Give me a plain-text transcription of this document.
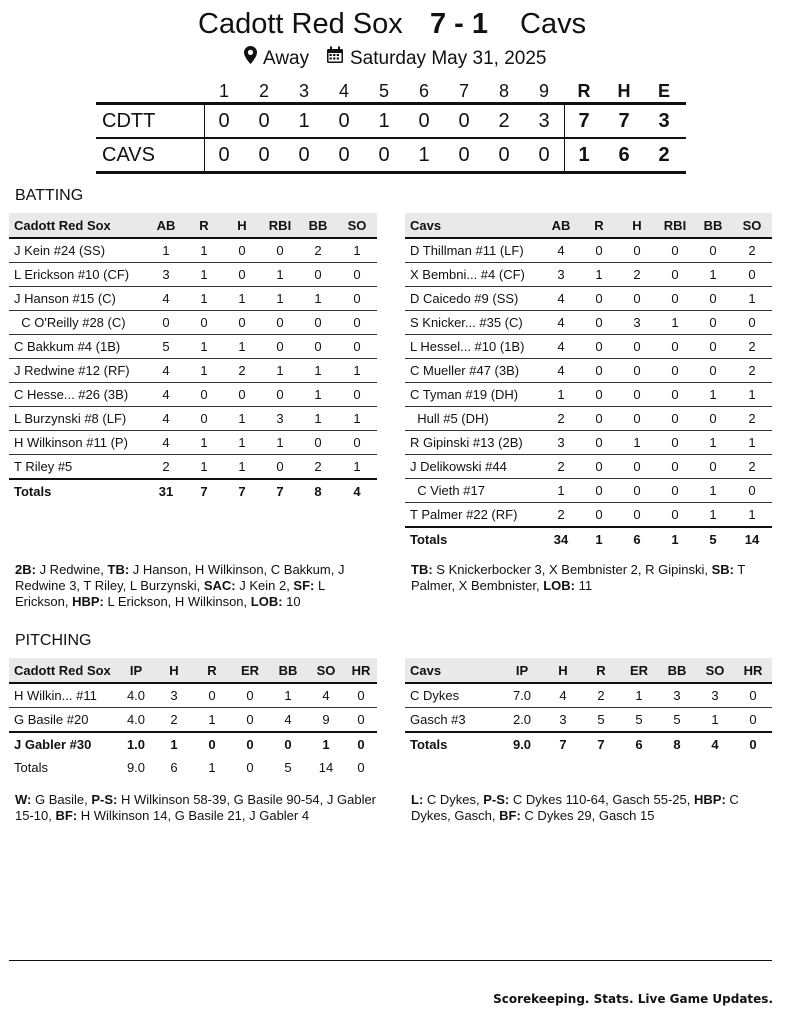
Cadott Red Sox 7 - 1 Cavs
Away Saturday May 31, 2025
1	2	3	4	5	6	7	8	9	R	H	E
CDTT	0	0	1	0	1	0	0	2	3	7	7	3
CAVS	0	0	0	0	0	1	0	0	0	1	6	2
BATTING
Cadott Red Sox	AB	R	H	RBI	BB	SO
J Kein #24 (SS)	1	1	0	0	2	1
L Erickson #10 (CF)	3	1	0	1	0	0
J Hanson #15 (C)	4	1	1	1	1	0
C O'Reilly #28 (C)	0	0	0	0	0	0
C Bakkum #4 (1B)	5	1	1	0	0	0
J Redwine #12 (RF)	4	1	2	1	1	1
C Hesse... #26 (3B)	4	0	0	0	1	0
L Burzynski #8 (LF)	4	0	1	3	1	1
H Wilkinson #11 (P)	4	1	1	1	0	0
T Riley #5	2	1	1	0	2	1
Totals	31	7	7	7	8	4
Cavs	AB	R	H	RBI	BB	SO
D Thillman #11 (LF)	4	0	0	0	0	2
X Bembni... #4 (CF)	3	1	2	0	1	0
D Caicedo #9 (SS)	4	0	0	0	0	1
S Knicker... #35 (C)	4	0	3	1	0	0
L Hessel... #10 (1B)	4	0	0	0	0	2
C Mueller #47 (3B)	4	0	0	0	0	2
C Tyman #19 (DH)	1	0	0	0	1	1
Hull #5 (DH)	2	0	0	0	0	2
R Gipinski #13 (2B)	3	0	1	0	1	1
J Delikowski #44	2	0	0	0	0	2
C Vieth #17	1	0	0	0	1	0
T Palmer #22 (RF)	2	0	0	0	1	1
Totals	34	1	6	1	5	14
2B: J Redwine, TB: J Hanson, H Wilkinson, C Bakkum, J Redwine 3, T Riley, L Burzynski, SAC: J Kein 2, SF: L Erickson, HBP: L Erickson, H Wilkinson, LOB: 10
TB: S Knickerbocker 3, X Bembnister 2, R Gipinski, SB: T Palmer, X Bembnister, LOB: 11
PITCHING
Cadott Red Sox	IP	H	R	ER	BB	SO	HR
H Wilkin... #11	4.0	3	0	0	1	4	0
G Basile #20	4.0	2	1	0	4	9	0
J Gabler #30	1.0	1	0	0	0	1	0
Totals	9.0	6	1	0	5	14	0
Cavs	IP	H	R	ER	BB	SO	HR
C Dykes	7.0	4	2	1	3	3	0
Gasch #3	2.0	3	5	5	5	1	0
Totals	9.0	7	7	6	8	4	0
W: G Basile, P-S: H Wilkinson 58-39, G Basile 90-54, J Gabler 15-10, BF: H Wilkinson 14, G Basile 21, J Gabler 4
L: C Dykes, P-S: C Dykes 110-64, Gasch 55-25, HBP: C Dykes, Gasch, BF: C Dykes 29, Gasch 15
Scorekeeping. Stats. Live Game Updates.
